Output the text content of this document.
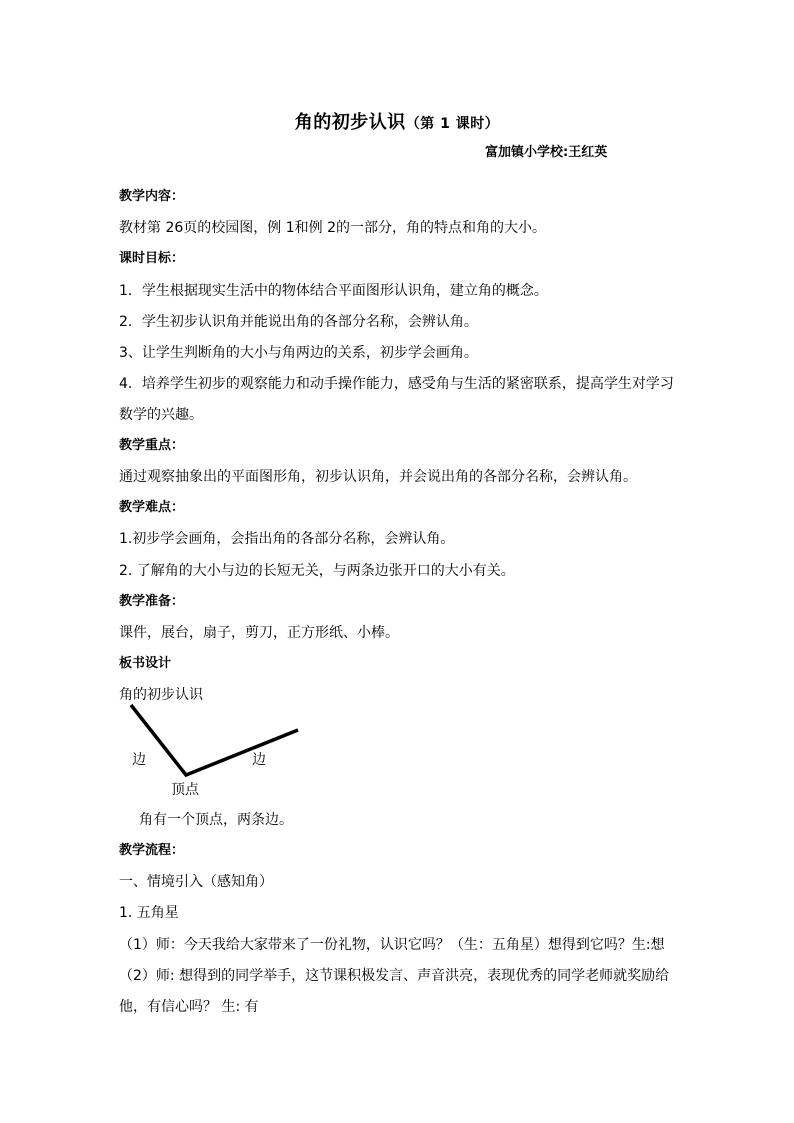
角的初步认识（第 1 课时）
富加镇小学校:王红英
教学内容：
教材第 26页的校园图，例 1和例 2的一部分，角的特点和角的大小。
课时目标：
1．学生根据现实生活中的物体结合平面图形认识角，建立角的概念。
2．学生初步认识角并能说出角的各部分名称，会辨认角。
3、让学生判断角的大小与角两边的关系，初步学会画角。
4．培养学生初步的观察能力和动手操作能力，感受角与生活的紧密联系，提高学生对学习
数学的兴趣。
教学重点：
通过观察抽象出的平面图形角，初步认识角，并会说出角的各部分名称，会辨认角。
教学难点：
1.初步学会画角，会指出角的各部分名称，会辨认角。
2. 了解角的大小与边的长短无关，与两条边张开口的大小有关。
教学准备：
课件，展台，扇子，剪刀，正方形纸、小棒。
板书设计
角的初步认识
角有一个顶点，两条边。
教学流程：
一、情境引入（感知角）
1. 五角星
（1）师：今天我给大家带来了一份礼物，认识它吗？（生：五角星）想得到它吗？生:想
（2）师: 想得到的同学举手，这节课积极发言、声音洪亮，表现优秀的同学老师就奖励给
他，有信心吗？ 生: 有
边	边
顶点
